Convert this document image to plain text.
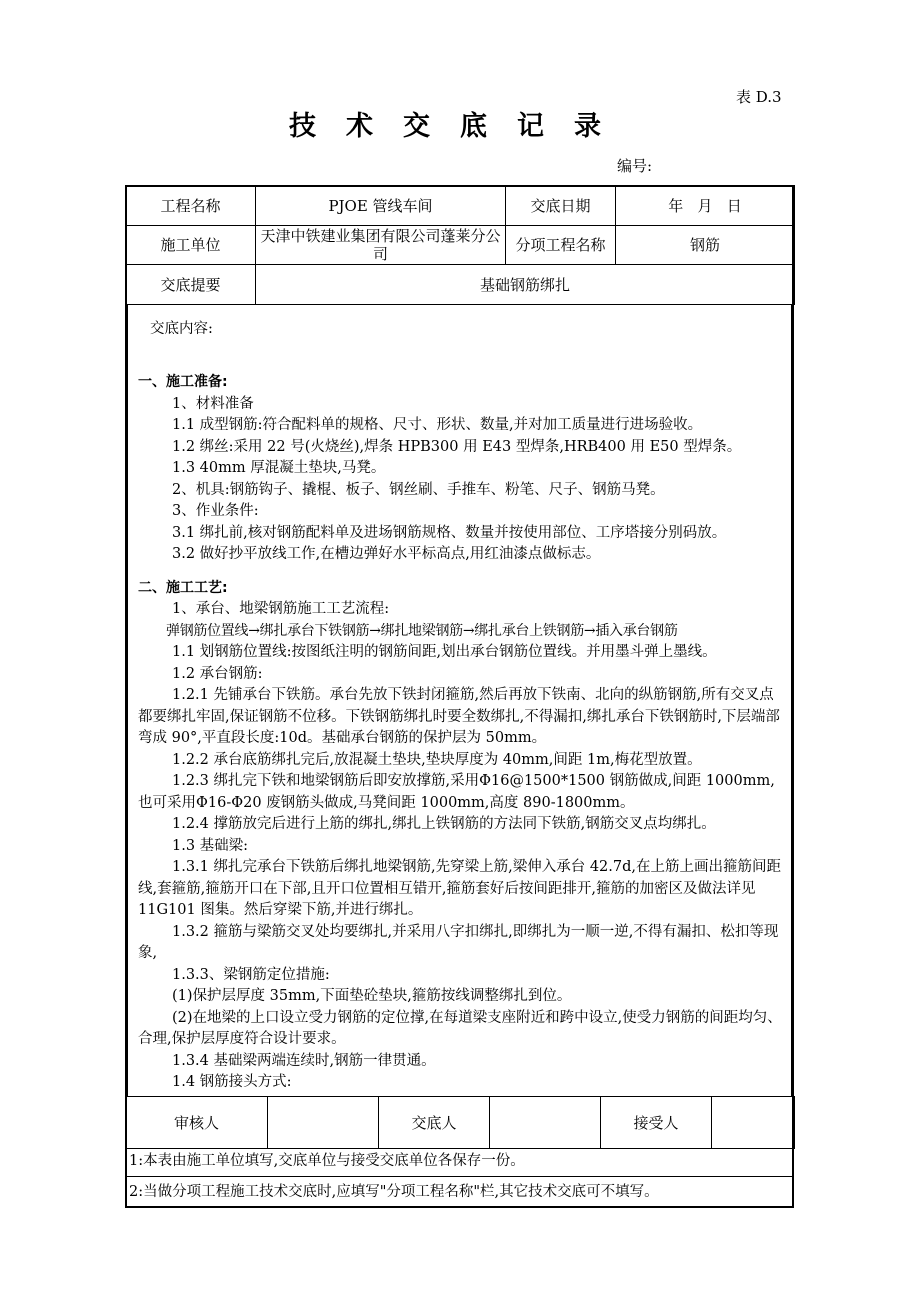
表 D.3
技术交底记录
编号:
工程名称	PJOE 管线车间	交底日期	年   月   日
施工单位	天津中铁建业集团有限公司蓬莱分公司	分项工程名称	钢筋
交底提要	基础钢筋绑扎		
交底内容:

一、施工准备:

1、材料准备

1.1 成型钢筋:符合配料单的规格、尺寸、形状、数量,并对加工质量进行进场验收。

1.2 绑丝:采用 22 号(火烧丝),焊条 HPB300 用 E43 型焊条,HRB400 用 E50 型焊条。

1.3 40mm 厚混凝土垫块,马凳。

2、机具:钢筋钩子、撬棍、板子、钢丝刷、手推车、粉笔、尺子、钢筋马凳。

3、作业条件:

3.1 绑扎前,核对钢筋配料单及进场钢筋规格、数量并按使用部位、工序塔接分别码放。

3.2 做好抄平放线工作,在槽边弹好水平标高点,用红油漆点做标志。

二、施工工艺:

1、承台、地梁钢筋施工工艺流程:

弹钢筋位置线→绑扎承台下铁钢筋→绑扎地梁钢筋→绑扎承台上铁钢筋→插入承台钢筋

1.1 划钢筋位置线:按图纸注明的钢筋间距,划出承台钢筋位置线。并用墨斗弹上墨线。

1.2 承台钢筋:

1.2.1 先铺承台下铁筋。承台先放下铁封闭箍筋,然后再放下铁南、北向的纵筋钢筋,所有交叉点都要绑扎牢固,保证钢筋不位移。下铁钢筋绑扎时要全数绑扎,不得漏扣,绑扎承台下铁钢筋时,下层端部弯成 90°,平直段长度:10d。基础承台钢筋的保护层为 50mm。

1.2.2 承台底筋绑扎完后,放混凝土垫块,垫块厚度为 40mm,间距 1m,梅花型放置。

1.2.3 绑扎完下铁和地梁钢筋后即安放撑筋,采用Φ16@1500*1500 钢筋做成,间距 1000mm,也可采用Φ16-Φ20 废钢筋头做成,马凳间距 1000mm,高度 890-1800mm。

1.2.4 撑筋放完后进行上筋的绑扎,绑扎上铁钢筋的方法同下铁筋,钢筋交叉点均绑扎。

1.3 基础梁:

1.3.1 绑扎完承台下铁筋后绑扎地梁钢筋,先穿梁上筋,梁伸入承台 42.7d,在上筋上画出箍筋间距线,套箍筋,箍筋开口在下部,且开口位置相互错开,箍筋套好后按间距排开,箍筋的加密区及做法详见 11G101 图集。然后穿梁下筋,并进行绑扎。

1.3.2 箍筋与梁筋交叉处均要绑扎,并采用八字扣绑扎,即绑扎为一顺一逆,不得有漏扣、松扣等现象,

1.3.3、梁钢筋定位措施:

(1)保护层厚度 35mm,下面垫砼垫块,箍筋按线调整绑扎到位。

(2)在地梁的上口设立受力钢筋的定位撑,在每道梁支座附近和跨中设立,使受力钢筋的间距均匀、合理,保护层厚度符合设计要求。

1.3.4 基础梁两端连续时,钢筋一律贯通。

1.4 钢筋接头方式:

审核人		交底人		接受人	
1:本表由施工单位填写,交底单位与接受交底单位各保存一份。
2:当做分项工程施工技术交底时,应填写"分项工程名称"栏,其它技术交底可不填写。
